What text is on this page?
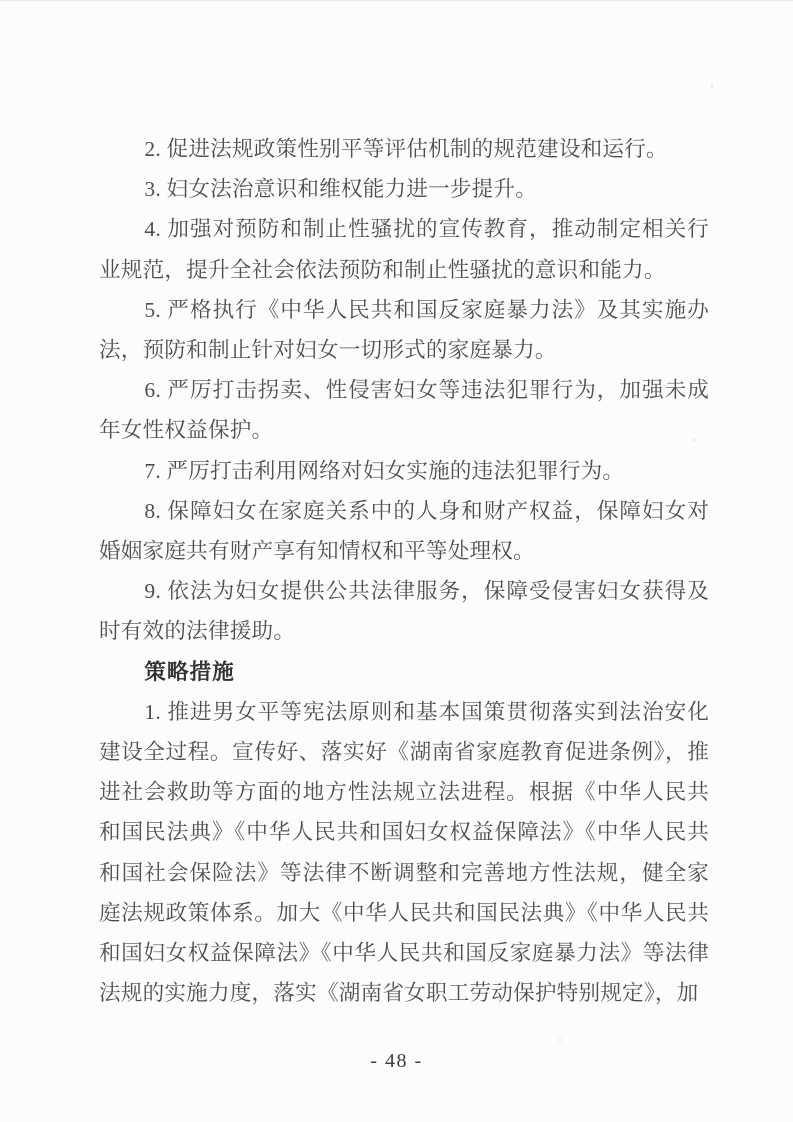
2. 促进法规政策性别平等评估机制的规范建设和运行。

3. 妇女法治意识和维权能力进一步提升。

4. 加强对预防和制止性骚扰的宣传教育，推动制定相关行业规范，提升全社会依法预防和制止性骚扰的意识和能力。

5. 严格执行《中华人民共和国反家庭暴力法》及其实施办法，预防和制止针对妇女一切形式的家庭暴力。

6. 严厉打击拐卖、性侵害妇女等违法犯罪行为，加强未成年女性权益保护。

7. 严厉打击利用网络对妇女实施的违法犯罪行为。

8. 保障妇女在家庭关系中的人身和财产权益，保障妇女对婚姻家庭共有财产享有知情权和平等处理权。

9. 依法为妇女提供公共法律服务，保障受侵害妇女获得及时有效的法律援助。

策略措施

1. 推进男女平等宪法原则和基本国策贯彻落实到法治安化建设全过程。宣传好、落实好《湖南省家庭教育促进条例》，推进社会救助等方面的地方性法规立法进程。根据《中华人民共和国民法典》《中华人民共和国妇女权益保障法》《中华人民共和国社会保险法》等法律不断调整和完善地方性法规，健全家庭法规政策体系。加大《中华人民共和国民法典》《中华人民共和国妇女权益保障法》《中华人民共和国反家庭暴力法》等法律法规的实施力度，落实《湖南省女职工劳动保护特别规定》，加

- 48 -
